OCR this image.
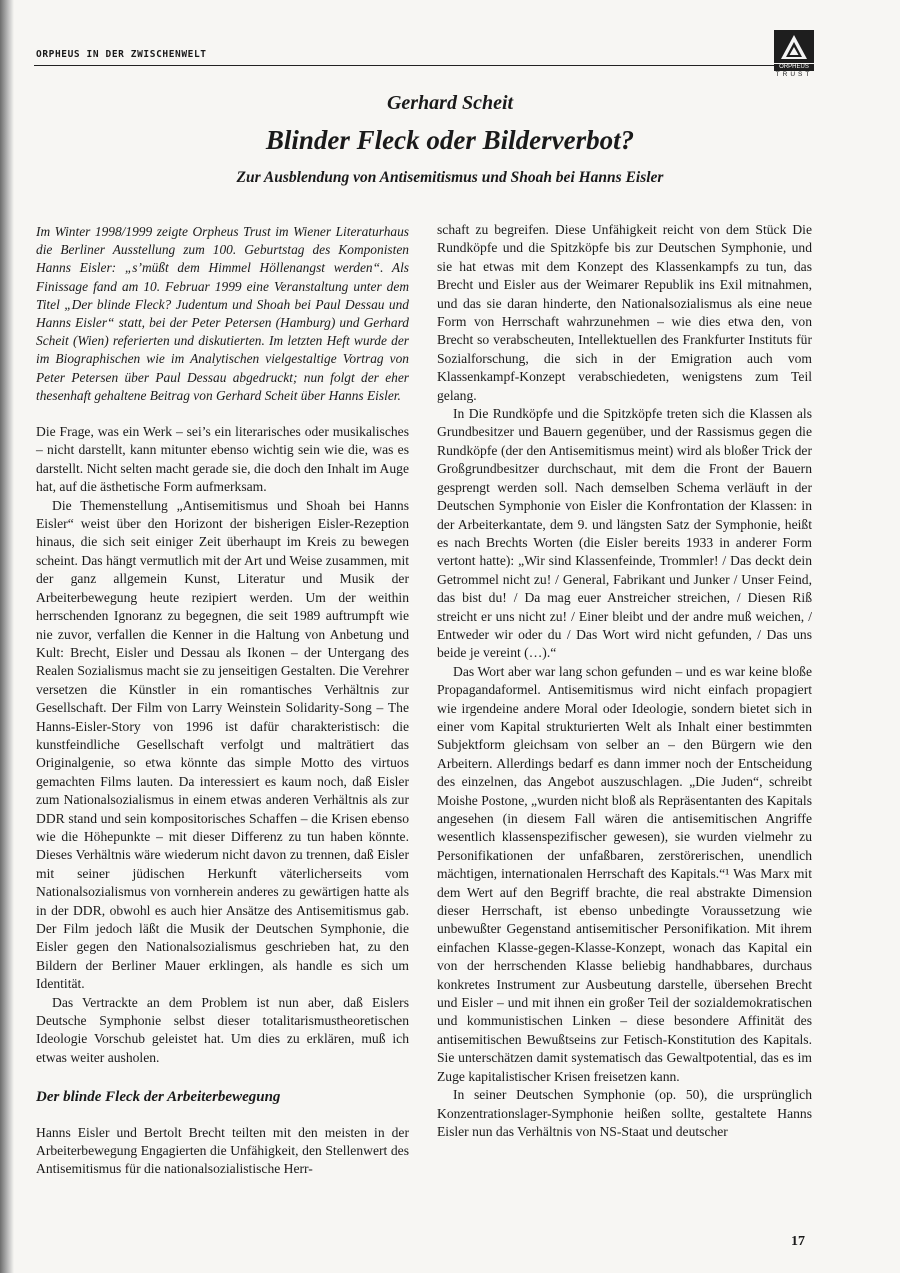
ORPHEUS IN DER ZWISCHENWELT
ORPHEUS
TRUST
Gerhard Scheit
Blinder Fleck oder Bilderverbot?
Zur Ausblendung von Antisemitismus und Shoah bei Hanns Eisler

Im Winter 1998/1999 zeigte Orpheus Trust im Wiener Literaturhaus die Berliner Ausstellung zum 100. Geburtstag des Komponisten Hanns Eisler: „s’müßt dem Himmel Höllenangst werden“. Als Finissage fand am 10. Februar 1999 eine Veranstaltung unter dem Titel „Der blinde Fleck? Judentum und Shoah bei Paul Dessau und Hanns Eisler“ statt, bei der Peter Petersen (Hamburg) und Gerhard Scheit (Wien) referierten und diskutierten. Im letzten Heft wurde der im Biographischen wie im Analytischen vielgestaltige Vortrag von Peter Petersen über Paul Dessau abgedruckt; nun folgt der eher thesenhaft gehaltene Beitrag von Gerhard Scheit über Hanns Eisler.

Die Frage, was ein Werk – sei’s ein literarisches oder musikalisches – nicht darstellt, kann mitunter ebenso wichtig sein wie die, was es darstellt. Nicht selten macht gerade sie, die doch den Inhalt im Auge hat, auf die ästhetische Form aufmerksam.

Die Themenstellung „Antisemitismus und Shoah bei Hanns Eisler“ weist über den Horizont der bisherigen Eisler-Rezeption hinaus, die sich seit einiger Zeit überhaupt im Kreis zu bewegen scheint. Das hängt vermutlich mit der Art und Weise zusammen, mit der ganz allgemein Kunst, Literatur und Musik der Arbeiterbewegung heute rezipiert werden. Um der weithin herrschenden Ignoranz zu begegnen, die seit 1989 auftrumpft wie nie zuvor, verfallen die Kenner in die Haltung von Anbetung und Kult: Brecht, Eisler und Dessau als Ikonen – der Untergang des Realen Sozialismus macht sie zu jenseitigen Gestalten. Die Verehrer versetzen die Künstler in ein romantisches Verhältnis zur Gesellschaft. Der Film von Larry Weinstein Solidarity-Song – The Hanns-Eisler-Story von 1996 ist dafür charakteristisch: die kunstfeindliche Gesellschaft verfolgt und malträtiert das Originalgenie, so etwa könnte das simple Motto des virtuos gemachten Films lauten. Da interessiert es kaum noch, daß Eisler zum Nationalsozialismus in einem etwas anderen Verhältnis als zur DDR stand und sein kompositorisches Schaffen – die Krisen ebenso wie die Höhepunkte – mit dieser Differenz zu tun haben könnte. Dieses Verhältnis wäre wiederum nicht davon zu trennen, daß Eisler mit seiner jüdischen Herkunft väterlicherseits vom Nationalsozialismus von vornherein anderes zu gewärtigen hatte als in der DDR, obwohl es auch hier Ansätze des Antisemitismus gab. Der Film jedoch läßt die Musik der Deutschen Symphonie, die Eisler gegen den Nationalsozialismus geschrieben hat, zu den Bildern der Berliner Mauer erklingen, als handle es sich um Identität.

Das Vertrackte an dem Problem ist nun aber, daß Eislers Deutsche Symphonie selbst dieser totalitarismustheoretischen Ideologie Vorschub geleistet hat. Um dies zu erklären, muß ich etwas weiter ausholen.

Der blinde Fleck der Arbeiterbewegung

Hanns Eisler und Bertolt Brecht teilten mit den meisten in der Arbeiterbewegung Engagierten die Unfähigkeit, den Stellenwert des Antisemitismus für die nationalsozialistische Herr-

schaft zu begreifen. Diese Unfähigkeit reicht von dem Stück Die Rundköpfe und die Spitzköpfe bis zur Deutschen Symphonie, und sie hat etwas mit dem Konzept des Klassenkampfs zu tun, das Brecht und Eisler aus der Weimarer Republik ins Exil mitnahmen, und das sie daran hinderte, den Nationalsozialismus als eine neue Form von Herrschaft wahrzunehmen – wie dies etwa den, von Brecht so verabscheuten, Intellektuellen des Frankfurter Instituts für Sozialforschung, die sich in der Emigration auch vom Klassenkampf-Konzept verabschiedeten, wenigstens zum Teil gelang.

In Die Rundköpfe und die Spitzköpfe treten sich die Klassen als Grundbesitzer und Bauern gegenüber, und der Rassismus gegen die Rundköpfe (der den Antisemitismus meint) wird als bloßer Trick der Großgrundbesitzer durchschaut, mit dem die Front der Bauern gesprengt werden soll. Nach demselben Schema verläuft in der Deutschen Symphonie von Eisler die Konfrontation der Klassen: in der Arbeiterkantate, dem 9. und längsten Satz der Symphonie, heißt es nach Brechts Worten (die Eisler bereits 1933 in anderer Form vertont hatte): „Wir sind Klassenfeinde, Trommler! / Das deckt dein Getrommel nicht zu! / General, Fabrikant und Junker / Unser Feind, das bist du! / Da mag euer Anstreicher streichen, / Diesen Riß streicht er uns nicht zu! / Einer bleibt und der andre muß weichen, / Entweder wir oder du / Das Wort wird nicht gefunden, / Das uns beide je vereint (…).“

Das Wort aber war lang schon gefunden – und es war keine bloße Propagandaformel. Antisemitismus wird nicht einfach propagiert wie irgendeine andere Moral oder Ideologie, sondern bietet sich in einer vom Kapital strukturierten Welt als Inhalt einer bestimmten Subjektform gleichsam von selber an – den Bürgern wie den Arbeitern. Allerdings bedarf es dann immer noch der Entscheidung des einzelnen, das Angebot auszuschlagen. „Die Juden“, schreibt Moishe Postone, „wurden nicht bloß als Repräsentanten des Kapitals angesehen (in diesem Fall wären die antisemitischen Angriffe wesentlich klassenspezifischer gewesen), sie wurden vielmehr zu Personifikationen der unfaßbaren, zerstörerischen, unendlich mächtigen, internationalen Herrschaft des Kapitals.“¹ Was Marx mit dem Wert auf den Begriff brachte, die real abstrakte Dimension dieser Herrschaft, ist ebenso unbedingte Voraussetzung wie unbewußter Gegenstand antisemitischer Personifikation. Mit ihrem einfachen Klasse-gegen-Klasse-Konzept, wonach das Kapital ein von der herrschenden Klasse beliebig handhabbares, durchaus konkretes Instrument zur Ausbeutung darstelle, übersehen Brecht und Eisler – und mit ihnen ein großer Teil der sozialdemokratischen und kommunistischen Linken – diese besondere Affinität des antisemitischen Bewußtseins zur Fetisch-Konstitution des Kapitals. Sie unterschätzen damit systematisch das Gewaltpotential, das es im Zuge kapitalistischer Krisen freisetzen kann.

In seiner Deutschen Symphonie (op. 50), die ursprünglich Konzentrationslager-Symphonie heißen sollte, gestaltete Hanns Eisler nun das Verhältnis von NS-Staat und deutscher

17
